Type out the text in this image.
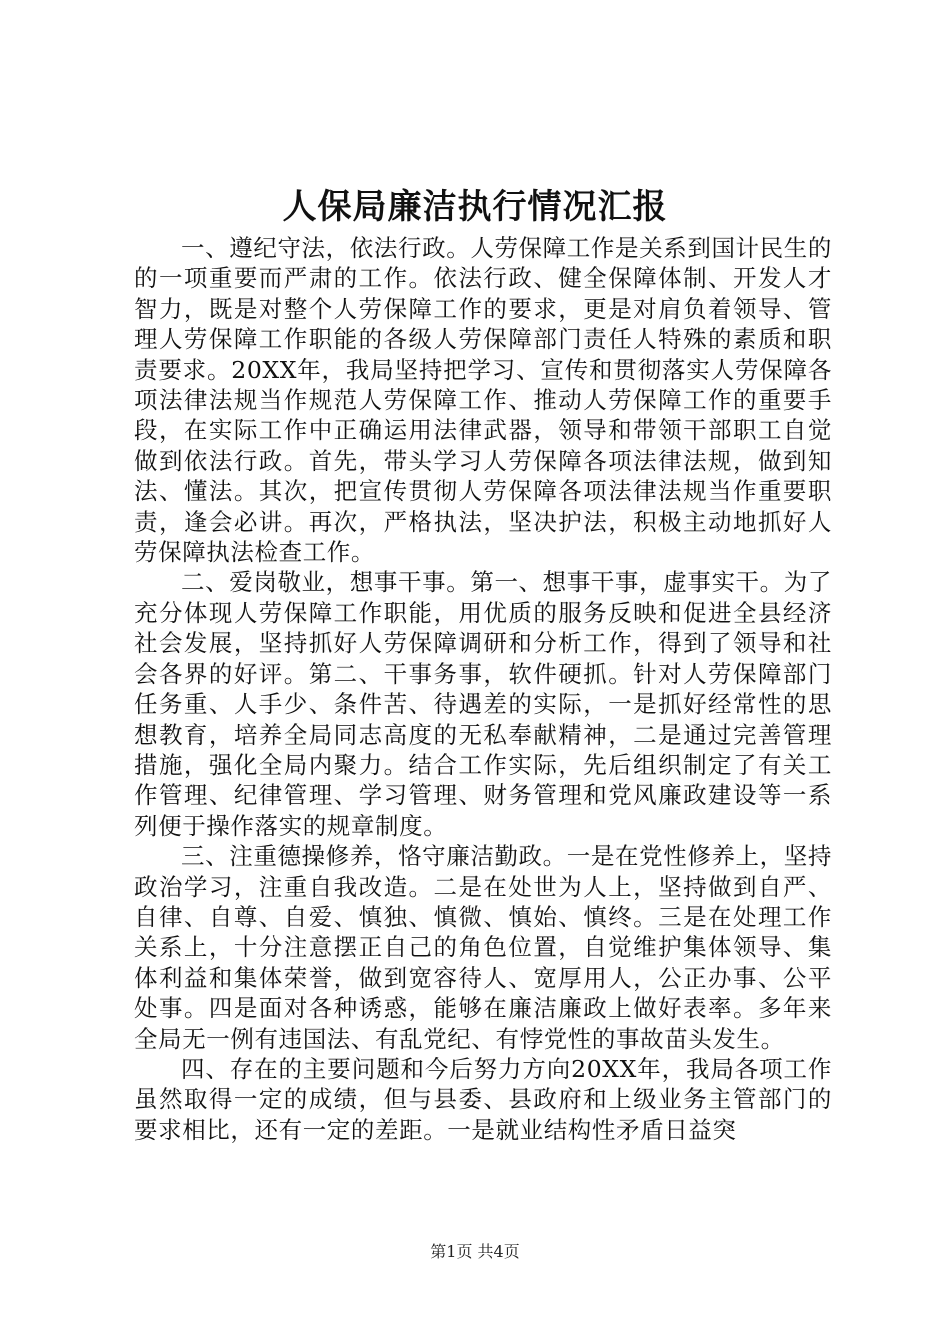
人保局廉洁执行情况汇报

一、遵纪守法，依法行政。人劳保障工作是关系到国计民生的的一项重要而严肃的工作。依法行政、健全保障体制、开发人才智力，既是对整个人劳保障工作的要求，更是对肩负着领导、管理人劳保障工作职能的各级人劳保障部门责任人特殊的素质和职责要求。20XX年，我局坚持把学习、宣传和贯彻落实人劳保障各项法律法规当作规范人劳保障工作、推动人劳保障工作的重要手段，在实际工作中正确运用法律武器，领导和带领干部职工自觉做到依法行政。首先，带头学习人劳保障各项法律法规，做到知法、懂法。其次，把宣传贯彻人劳保障各项法律法规当作重要职责，逢会必讲。再次，严格执法，坚决护法，积极主动地抓好人劳保障执法检查工作。

二、爱岗敬业，想事干事。第一、想事干事，虚事实干。为了充分体现人劳保障工作职能，用优质的服务反映和促进全县经济社会发展，坚持抓好人劳保障调研和分析工作，得到了领导和社会各界的好评。第二、干事务事，软件硬抓。针对人劳保障部门任务重、人手少、条件苦、待遇差的实际，一是抓好经常性的思想教育，培养全局同志高度的无私奉献精神，二是通过完善管理措施，强化全局内聚力。结合工作实际，先后组织制定了有关工作管理、纪律管理、学习管理、财务管理和党风廉政建设等一系列便于操作落实的规章制度。

三、注重德操修养，恪守廉洁勤政。一是在党性修养上，坚持政治学习，注重自我改造。二是在处世为人上，坚持做到自严、自律、自尊、自爱、慎独、慎微、慎始、慎终。三是在处理工作关系上，十分注意摆正自己的角色位置，自觉维护集体领导、集体利益和集体荣誉，做到宽容待人、宽厚用人，公正办事、公平处事。四是面对各种诱惑，能够在廉洁廉政上做好表率。多年来全局无一例有违国法、有乱党纪、有悖党性的事故苗头发生。

四、存在的主要问题和今后努力方向20XX年，我局各项工作虽然取得一定的成绩，但与县委、县政府和上级业务主管部门的要求相比，还有一定的差距。一是就业结构性矛盾日益突

第1页 共4页
